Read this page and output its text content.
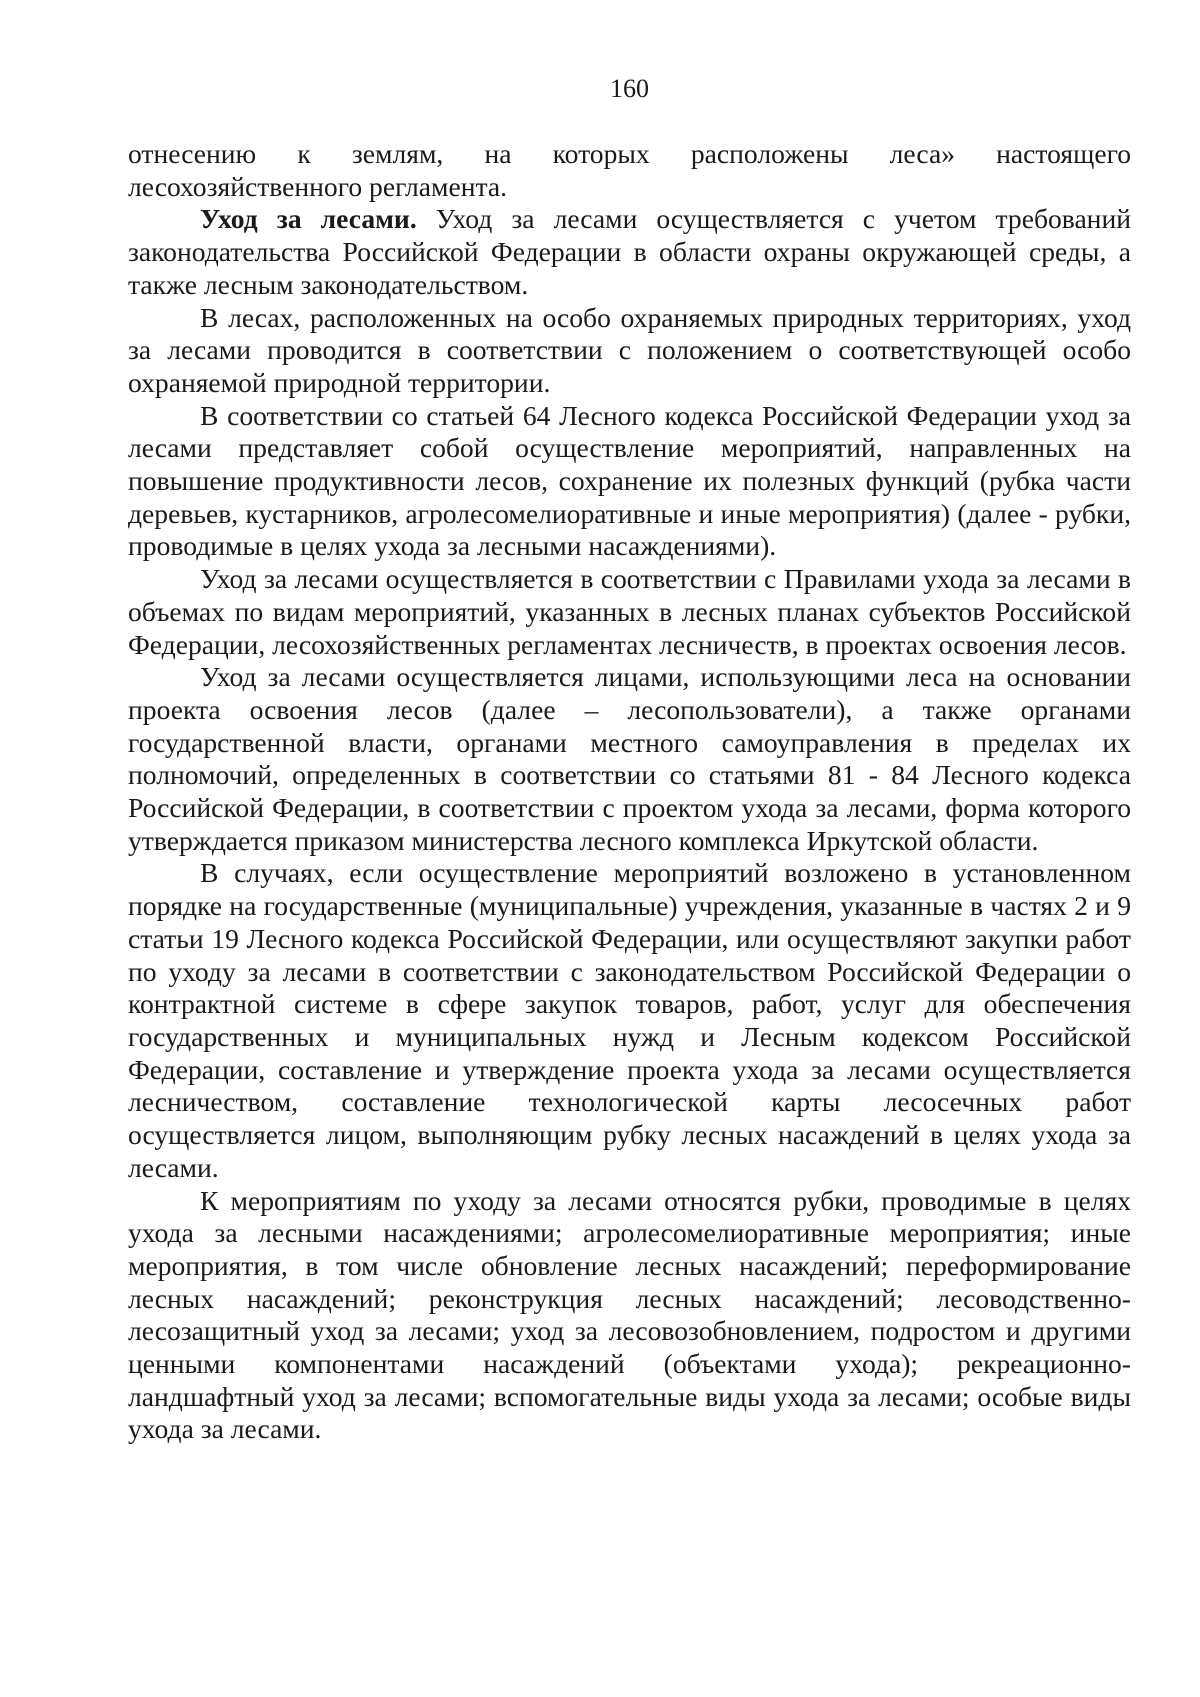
160

отнесению к землям, на которых расположены леса» настоящего лесохозяйственного регламента.

Уход за лесами. Уход за лесами осуществляется с учетом требований законодательства Российской Федерации в области охраны окружающей среды, а также лесным законодательством.

В лесах, расположенных на особо охраняемых природных территориях, уход за лесами проводится в соответствии с положением о соответствующей особо охраняемой природной территории.

В соответствии со статьей 64 Лесного кодекса Российской Федерации уход за лесами представляет собой осуществление мероприятий, направленных на повышение продуктивности лесов, сохранение их полезных функций (рубка части деревьев, кустарников, агролесомелиоративные и иные мероприятия) (далее - рубки, проводимые в целях ухода за лесными насаждениями).

Уход за лесами осуществляется в соответствии с Правилами ухода за лесами в объемах по видам мероприятий, указанных в лесных планах субъектов Российской Федерации, лесохозяйственных регламентах лесничеств, в проектах освоения лесов.

Уход за лесами осуществляется лицами, использующими леса на основании проекта освоения лесов (далее – лесопользователи), а также органами государственной власти, органами местного самоуправления в пределах их полномочий, определенных в соответствии со статьями 81 - 84 Лесного кодекса Российской Федерации, в соответствии с проектом ухода за лесами, форма которого утверждается приказом министерства лесного комплекса Иркутской области.

В случаях, если осуществление мероприятий возложено в установленном порядке на государственные (муниципальные) учреждения, указанные в частях 2 и 9 статьи 19 Лесного кодекса Российской Федерации, или осуществляют закупки работ по уходу за лесами в соответствии с законодательством Российской Федерации о контрактной системе в сфере закупок товаров, работ, услуг для обеспечения государственных и муниципальных нужд и Лесным кодексом Российской Федерации, составление и утверждение проекта ухода за лесами осуществляется лесничеством, составление технологической карты лесосечных работ осуществляется лицом, выполняющим рубку лесных насаждений в целях ухода за лесами.

К мероприятиям по уходу за лесами относятся рубки, проводимые в целях ухода за лесными насаждениями; агролесомелиоративные мероприятия; иные мероприятия, в том числе обновление лесных насаждений; переформирование лесных насаждений; реконструкция лесных насаждений; лесоводственно-лесозащитный уход за лесами; уход за лесовозобновлением, подростом и другими ценными компонентами насаждений (объектами ухода); рекреационно-ландшафтный уход за лесами; вспомогательные виды ухода за лесами; особые виды ухода за лесами.
